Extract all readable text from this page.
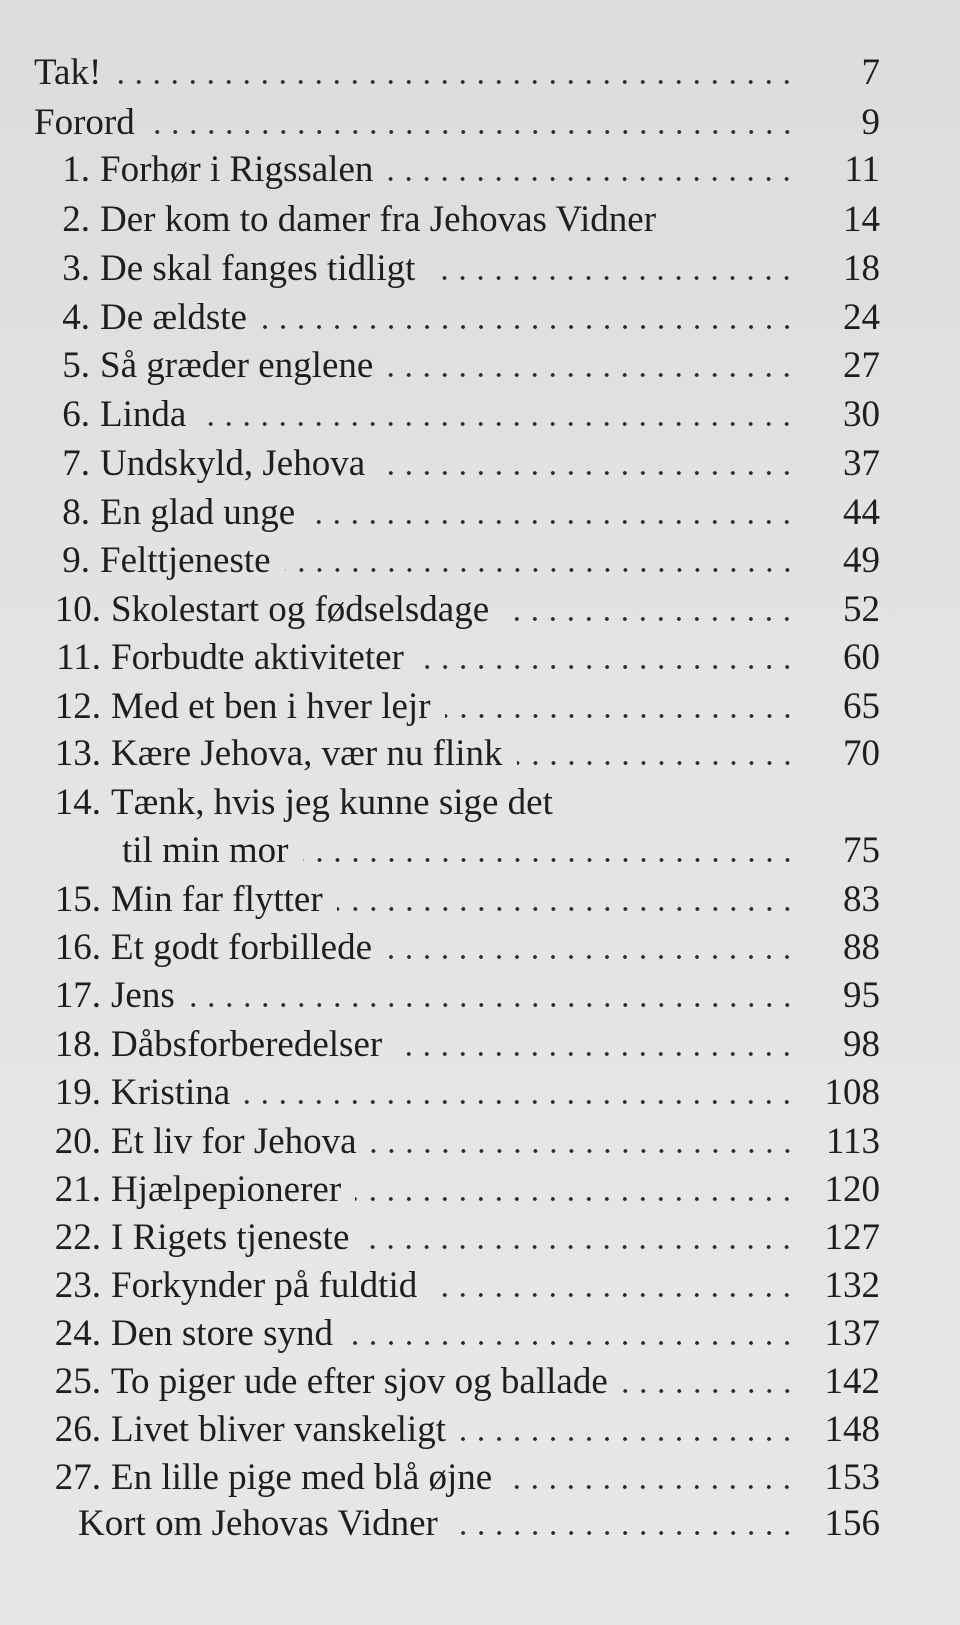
Tak!	7
Forord	9
1. Forhør i Rigssalen	11
2. Der kom to damer fra Jehovas Vidner	14
3. De skal fanges tidligt	18
4. De ældste	24
5. Så græder englene	27
6. Linda	30
7. Undskyld, Jehova	37
8. En glad unge	44
9. Felttjeneste	49
10. Skolestart og fødselsdage	52
11. Forbudte aktiviteter	60
12. Med et ben i hver lejr	65
13. Kære Jehova, vær nu flink	70
14. Tænk, hvis jeg kunne sige det
til min mor	75
15. Min far flytter	83
16. Et godt forbillede	88
17. Jens	95
18. Dåbsforberedelser	98
19. Kristina	108
20. Et liv for Jehova	113
21. Hjælpepionerer	120
22. I Rigets tjeneste	127
23. Forkynder på fuldtid	132
24. Den store synd	137
25. To piger ude efter sjov og ballade	142
26. Livet bliver vanskeligt	148
27. En lille pige med blå øjne	153
Kort om Jehovas Vidner	156
